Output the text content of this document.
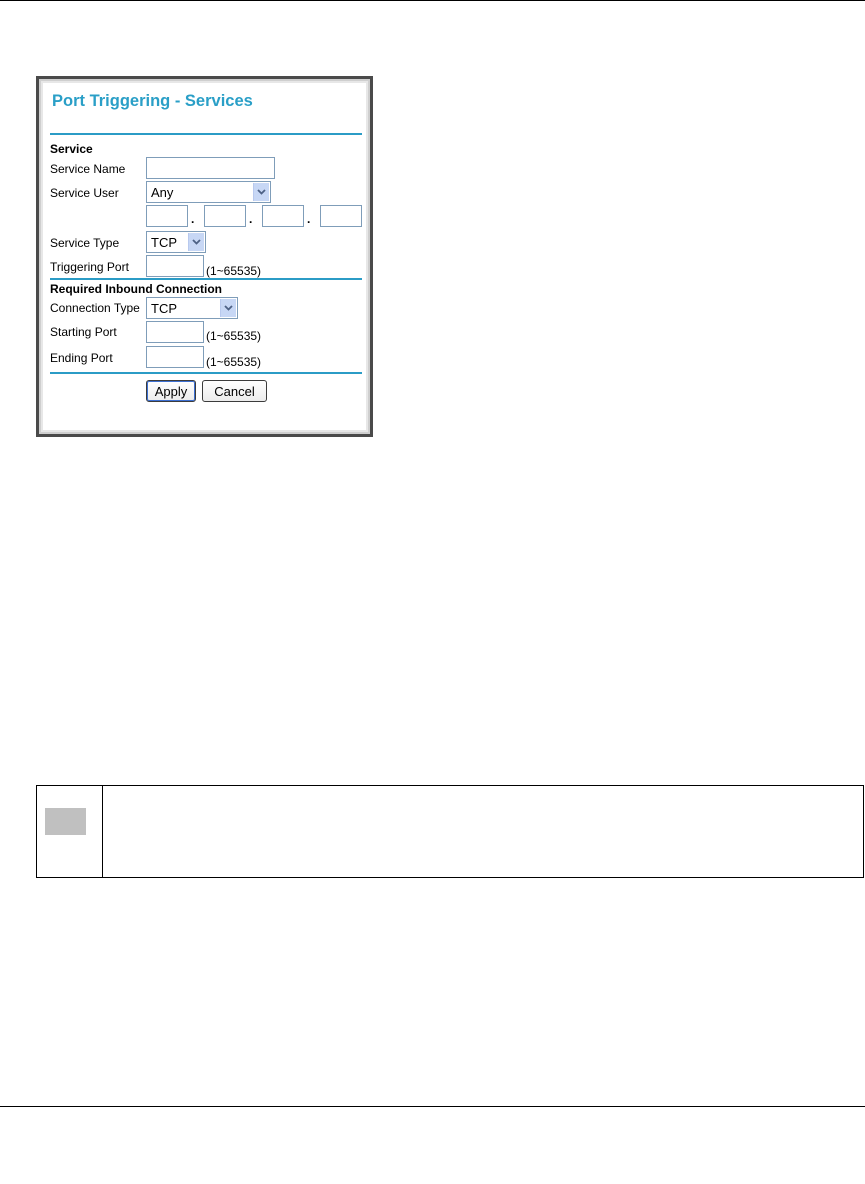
Port Triggering - Services
Service
Service Name
Service User Any
.	.	.
Service Type TCP
Triggering Port	(1~65535)
Required Inbound Connection
Connection Type TCP
Starting Port	(1~65535)
Ending Port	(1~65535)
Apply	Cancel
